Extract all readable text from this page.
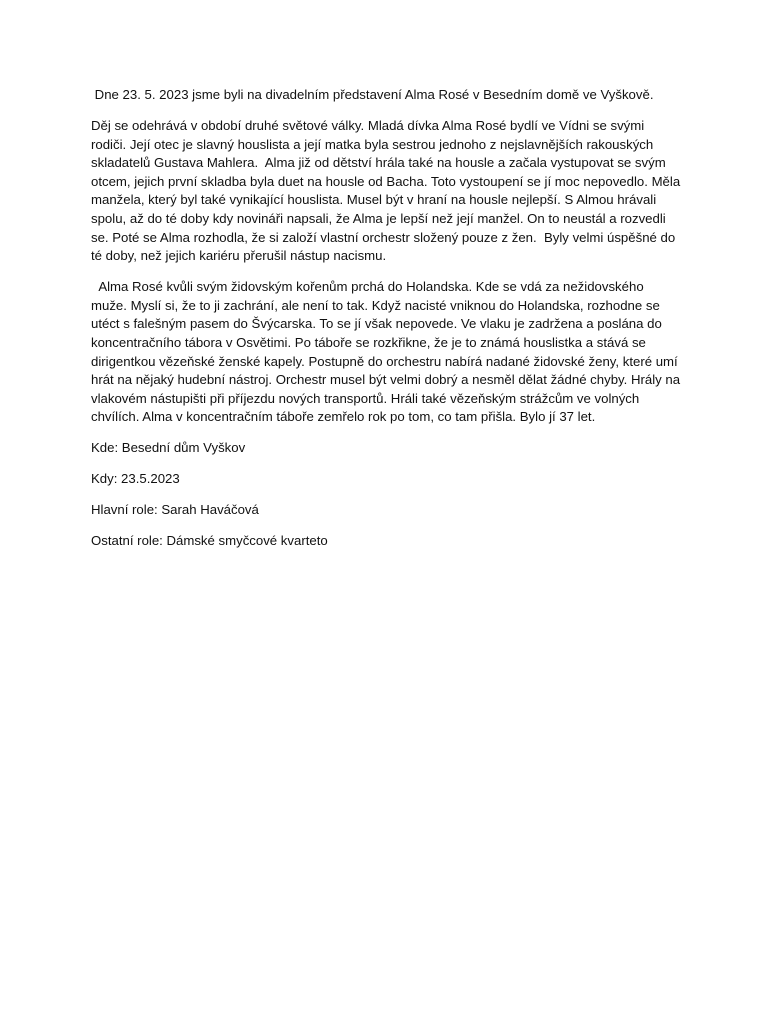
Dne 23. 5. 2023 jsme byli na divadelním představení Alma Rosé v Besedním domě ve Vyškově.

Děj se odehrává v období druhé světové války. Mladá dívka Alma Rosé bydlí ve Vídni se svými rodiči. Její otec je slavný houslista a její matka byla sestrou jednoho z nejslavnějších rakouských skladatelů Gustava Mahlera.  Alma již od dětství hrála také na housle a začala vystupovat se svým otcem, jejich první skladba byla duet na housle od Bacha. Toto vystoupení se jí moc nepovedlo. Měla manžela, který byl také vynikající houslista. Musel být v hraní na housle nejlepší. S Almou hrávali spolu, až do té doby kdy novináři napsali, že Alma je lepší než její manžel. On to neustál a rozvedli se. Poté se Alma rozhodla, že si založí vlastní orchestr složený pouze z žen.  Byly velmi úspěšné do té doby, než jejich kariéru přerušil nástup nacismu.

Alma Rosé kvůli svým židovským kořenům prchá do Holandska. Kde se vdá za nežidovského muže. Myslí si, že to ji zachrání, ale není to tak. Když nacisté vniknou do Holandska, rozhodne se utéct s falešným pasem do Švýcarska. To se jí však nepovede. Ve vlaku je zadržena a poslána do koncentračního tábora v Osvětimi. Po táboře se rozkřikne, že je to známá houslistka a stává se dirigentkou vězeňské ženské kapely. Postupně do orchestru nabírá nadané židovské ženy, které umí hrát na nějaký hudební nástroj. Orchestr musel být velmi dobrý a nesměl dělat žádné chyby. Hrály na vlakovém nástupišti při příjezdu nových transportů. Hráli také vězeňským strážcům ve volných chvílích. Alma v koncentračním táboře zemřelo rok po tom, co tam přišla. Bylo jí 37 let.

Kde: Besední dům Vyškov

Kdy: 23.5.2023

Hlavní role: Sarah Haváčová

Ostatní role: Dámské smyčcové kvarteto
